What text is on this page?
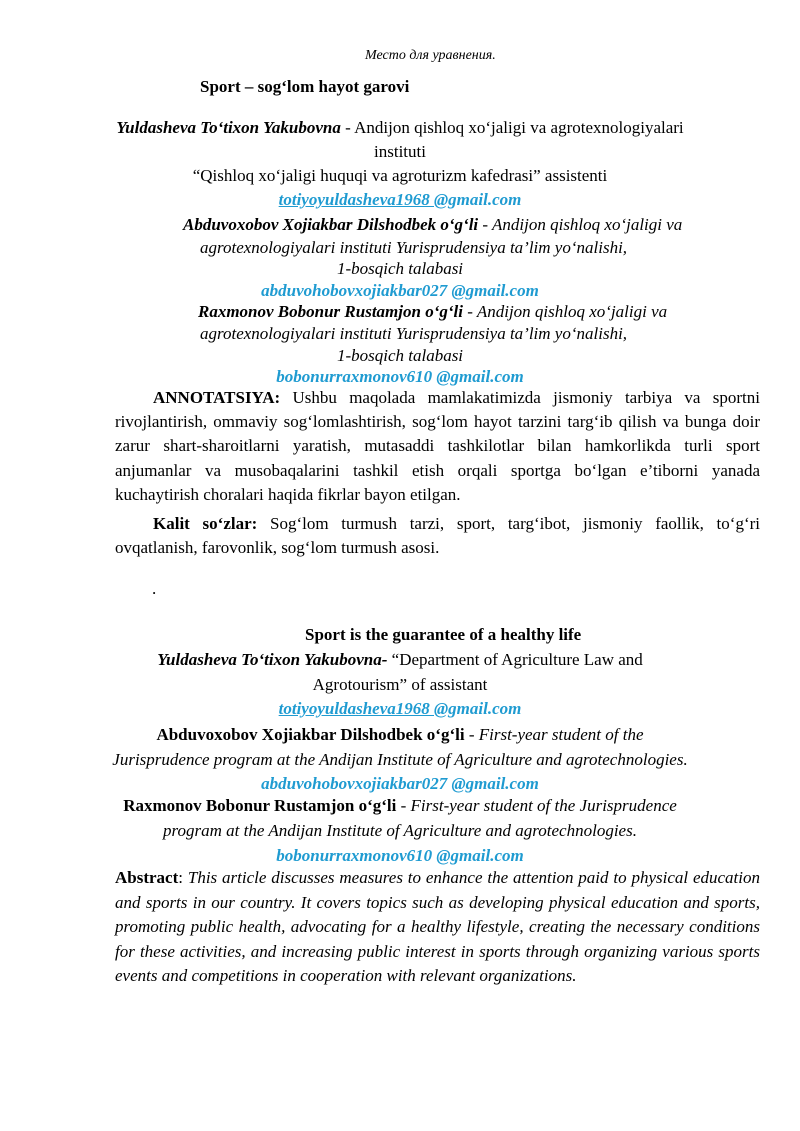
Место для уравнения.
Sport – sog‘lom hayot garovi
Yuldasheva To‘tixon Yakubovna - Andijon qishloq xo‘jaligi va agrotexnologiyalari
instituti
“Qishloq xo‘jaligi huquqi va agroturizm kafedrasi” assistenti
totiyoyuldasheva1968 @gmail.com
Abduvoxobov Xojiakbar Dilshodbek o‘g‘li - Andijon qishloq xo‘jaligi va
agrotexnologiyalari instituti Yurisprudensiya ta’lim yo‘nalishi,
1-bosqich talabasi
abduvohobovxojiakbar027 @gmail.com
Raxmonov Bobonur Rustamjon o‘g‘li - Andijon qishloq xo‘jaligi va
agrotexnologiyalari instituti Yurisprudensiya ta’lim yo‘nalishi,
1-bosqich talabasi
bobonurraxmonov610 @gmail.com
ANNOTATSIYA: Ushbu maqolada mamlakatimizda jismoniy tarbiya va sportni rivojlantirish, ommaviy sog‘lomlashtirish, sog‘lom hayot tarzini targ‘ib qilish va bunga doir zarur shart-sharoitlarni yaratish, mutasaddi tashkilotlar bilan hamkorlikda turli sport anjumanlar va musobaqalarini tashkil etish orqali sportga bo‘lgan e’tiborni yanada kuchaytirish choralari haqida fikrlar bayon etilgan.
Kalit so‘zlar: Sog‘lom turmush tarzi, sport, targ‘ibot, jismoniy faollik, to‘g‘ri ovqatlanish, farovonlik, sog‘lom turmush asosi.
.
Sport is the guarantee of a healthy life
Yuldasheva To‘tixon Yakubovna- “Department of Agriculture Law and
Agrotourism” of assistant
totiyoyuldasheva1968 @gmail.com
Abduvoxobov Xojiakbar Dilshodbek o‘g‘li - First-year student of the
Jurisprudence program at the Andijan Institute of Agriculture and agrotechnologies.
abduvohobovxojiakbar027 @gmail.com
Raxmonov Bobonur Rustamjon o‘g‘li - First-year student of the Jurisprudence
program at the Andijan Institute of Agriculture and agrotechnologies.
bobonurraxmonov610 @gmail.com
Abstract: This article discusses measures to enhance the attention paid to physical education and sports in our country. It covers topics such as developing physical education and sports, promoting public health, advocating for a healthy lifestyle, creating the necessary conditions for these activities, and increasing public interest in sports through organizing various sports events and competitions in cooperation with relevant organizations.
